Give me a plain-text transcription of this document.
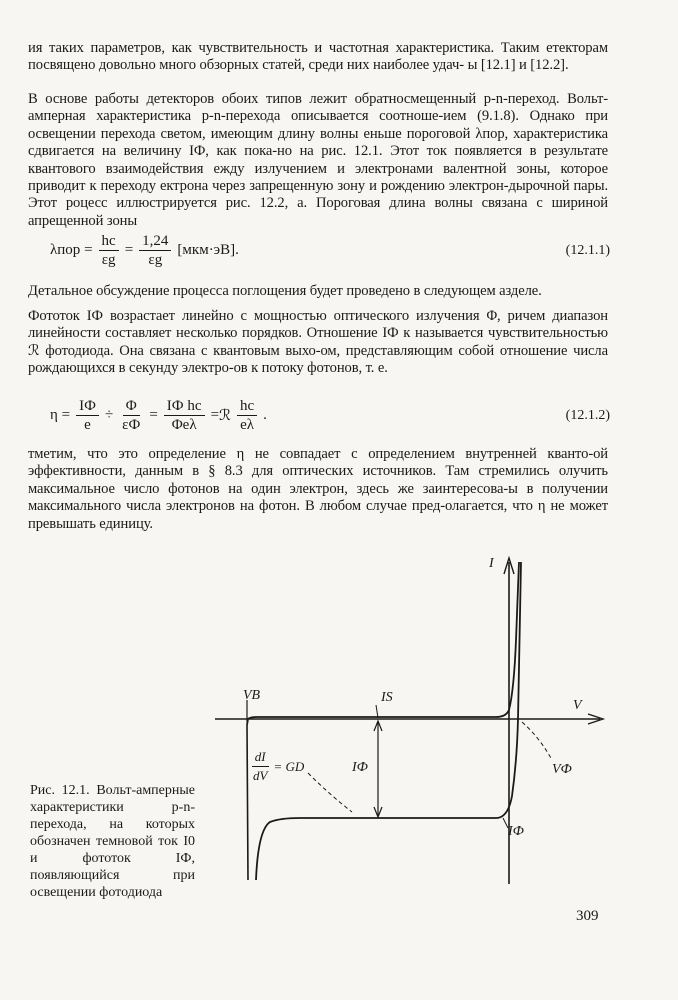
ия таких параметров, как чувствительность и частотная характеристика. Таким етекторам посвящено довольно много обзорных статей, среди них наиболее удач- ы [12.1] и [12.2].

В основе работы детекторов обоих типов лежит обратносмещенный p-n-переход. Вольт-амперная характеристика p-n-перехода описывается соотноше-ием (9.1.8). Однако при освещении перехода светом, имеющим длину волны еньше пороговой λпор, характеристика сдвигается на величину IФ, как пока-но на рис. 12.1. Этот ток появляется в результате квантового взаимодействия ежду излучением и электронами валентной зоны, которое приводит к переходу ектрона через запрещенную зону и рождению электрон-дырочной пары. Этот роцесс иллюстрируется рис. 12.2, а. Пороговая длина волны связана с шириной апрещенной зоны

$\lambda пор = \frac{hc}{\varepsilon g} = \frac{1,24}{\varepsilon g} [мкм\cdot эВ]$.	(12.1.1)

Детальное обсуждение процесса поглощения будет проведено в следующем азделе.

Фототок IФ возрастает линейно с мощностью оптического излучения Φ, ричем диапазон линейности составляет несколько порядков. Отношение IФ к называется чувствительностью ℛ фотодиода. Она связана с квантовым выхо-ом, представляющим собой отношение числа рождающихся в секунду электро-ов к потоку фотонов, т. е.

$\eta = \frac{IФ}{e} \div \frac{\Phi}{\varepsilon Ф} = \frac{\text{IФ hc}}{\text{Φeλ}}$ = ℛ $\frac{hc}{e\lambda}$ .	(12.1.2)

тметим, что это определение η не совпадает с определением внутренней кванто-ой эффективности, данным в § 8.3 для оптических источников. Там стремились олучить максимальное число фотонов на один электрон, здесь же заинтересова-ы в получении максимального числа электронов на фотон. В любом случае пред-олагается, что η не может превышать единицу.

I
V
VB	IS
IФ	VФ
IФ
$\frac{dI}{dV}$ = GD

Рис. 12.1. Вольт-амперные характеристики p-n-перехода, на которых обозначен темновой ток I0 и фототок IФ, появляющийся при освещении фотодиода

309
